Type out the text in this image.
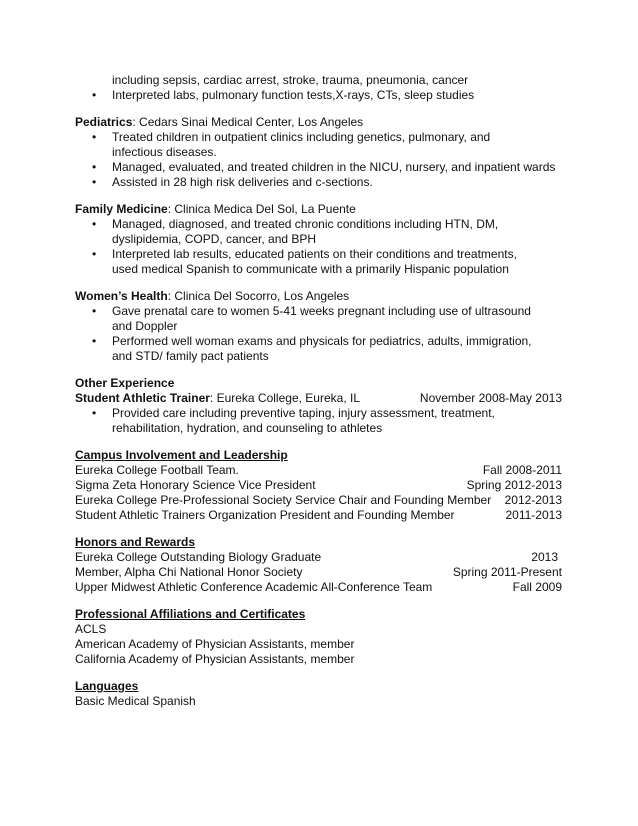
including sepsis, cardiac arrest, stroke, trauma, pneumonia, cancer

• Interpreted labs, pulmonary function tests,X-rays, CTs, sleep studies

Pediatrics: Cedars Sinai Medical Center, Los Angeles

• Treated children in outpatient clinics including genetics, pulmonary, and infectious diseases.

• Managed, evaluated, and treated children in the NICU, nursery, and inpatient wards

• Assisted in 28 high risk deliveries and c-sections.

Family Medicine: Clinica Medica Del Sol, La Puente

• Managed, diagnosed, and treated chronic conditions including HTN, DM, dyslipidemia, COPD, cancer, and BPH

• Interpreted lab results, educated patients on their conditions and treatments, used medical Spanish to communicate with a primarily Hispanic population

Women’s Health: Clinica Del Socorro, Los Angeles

• Gave prenatal care to women 5-41 weeks pregnant including use of ultrasound and Doppler

• Performed well woman exams and physicals for pediatrics, adults, immigration, and STD/ family pact patients

Other Experience

Student Athletic Trainer: Eureka College, Eureka, IL	November 2008-May 2013

• Provided care including preventive taping, injury assessment, treatment, rehabilitation, hydration, and counseling to athletes

Campus Involvement and Leadership

Eureka College Football Team.	Fall 2008-2011
Sigma Zeta Honorary Science Vice President	Spring 2012-2013
Eureka College Pre-Professional Society Service Chair and Founding Member 2012-2013
Student Athletic Trainers Organization President and Founding Member	2011-2013

Honors and Rewards

Eureka College Outstanding Biology Graduate	2013
Member, Alpha Chi National Honor Society	Spring 2011-Present
Upper Midwest Athletic Conference Academic All-Conference Team	Fall 2009

Professional Affiliations and Certificates

ACLS

American Academy of Physician Assistants, member

California Academy of Physician Assistants, member

Languages

Basic Medical Spanish
